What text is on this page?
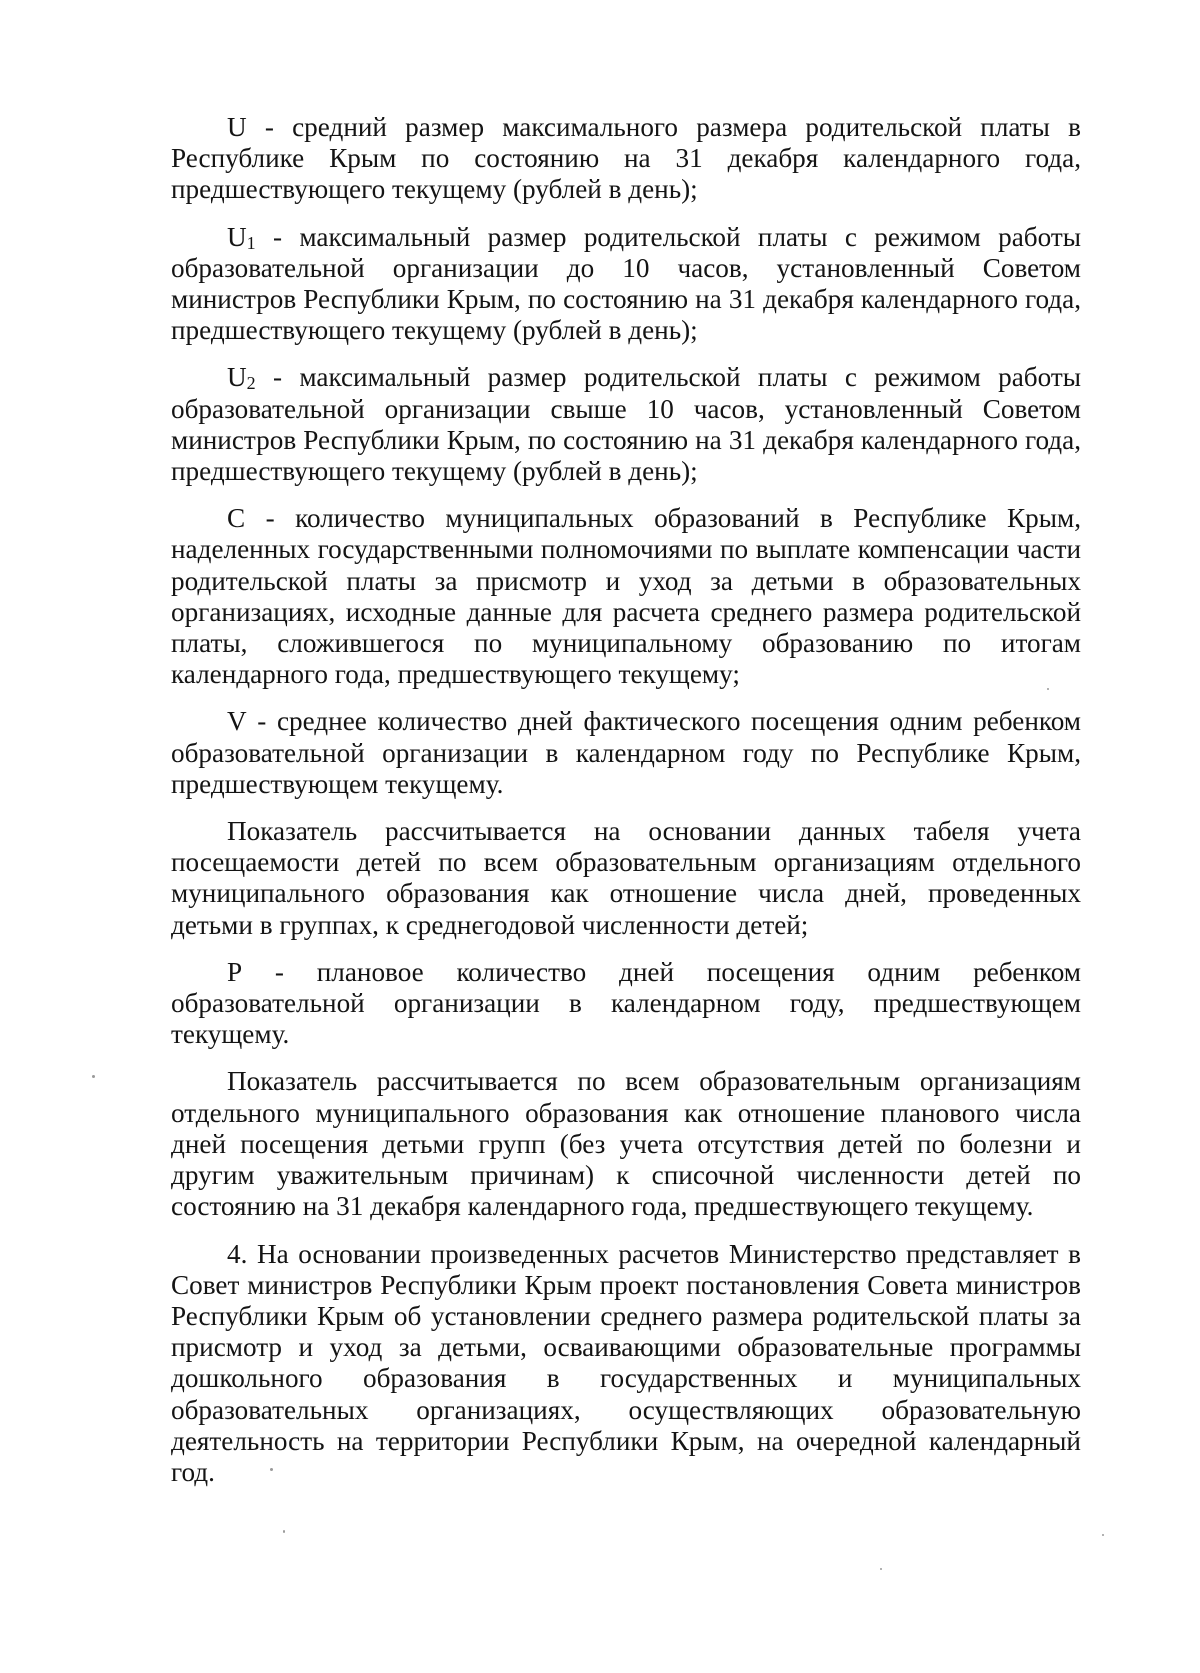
U - средний размер максимального размера родительской платы в Республике Крым по состоянию на 31 декабря календарного года, предшествующего текущему (рублей в день);

$U_1$ - максимальный размер родительской платы с режимом работы образовательной организации до 10 часов, установленный Советом министров Республики Крым, по состоянию на 31 декабря календарного года, предшествующего текущему (рублей в день);

$U_2$ - максимальный размер родительской платы с режимом работы образовательной организации свыше 10 часов, установленный Советом министров Республики Крым, по состоянию на 31 декабря календарного года, предшествующего текущему (рублей в день);

C - количество муниципальных образований в Республике Крым, наделенных государственными полномочиями по выплате компенсации части родительской платы за присмотр и уход за детьми в образовательных организациях, исходные данные для расчета среднего размера родительской платы, сложившегося по муниципальному образованию по итогам календарного года, предшествующего текущему;

V - среднее количество дней фактического посещения одним ребенком образовательной организации в календарном году по Республике Крым, предшествующем текущему.

Показатель рассчитывается на основании данных табеля учета посещаемости детей по всем образовательным организациям отдельного муниципального образования как отношение числа дней, проведенных детьми в группах, к среднегодовой численности детей;

P - плановое количество дней посещения одним ребенком образовательной организации в календарном году, предшествующем текущему.

Показатель рассчитывается по всем образовательным организациям отдельного муниципального образования как отношение планового числа дней посещения детьми групп (без учета отсутствия детей по болезни и другим уважительным причинам) к списочной численности детей по состоянию на 31 декабря календарного года, предшествующего текущему.

4. На основании произведенных расчетов Министерство представляет в Совет министров Республики Крым проект постановления Совета министров Республики Крым об установлении среднего размера родительской платы за присмотр и уход за детьми, осваивающими образовательные программы дошкольного образования в государственных и муниципальных образовательных организациях, осуществляющих образовательную деятельность на территории Республики Крым, на очередной календарный год.
